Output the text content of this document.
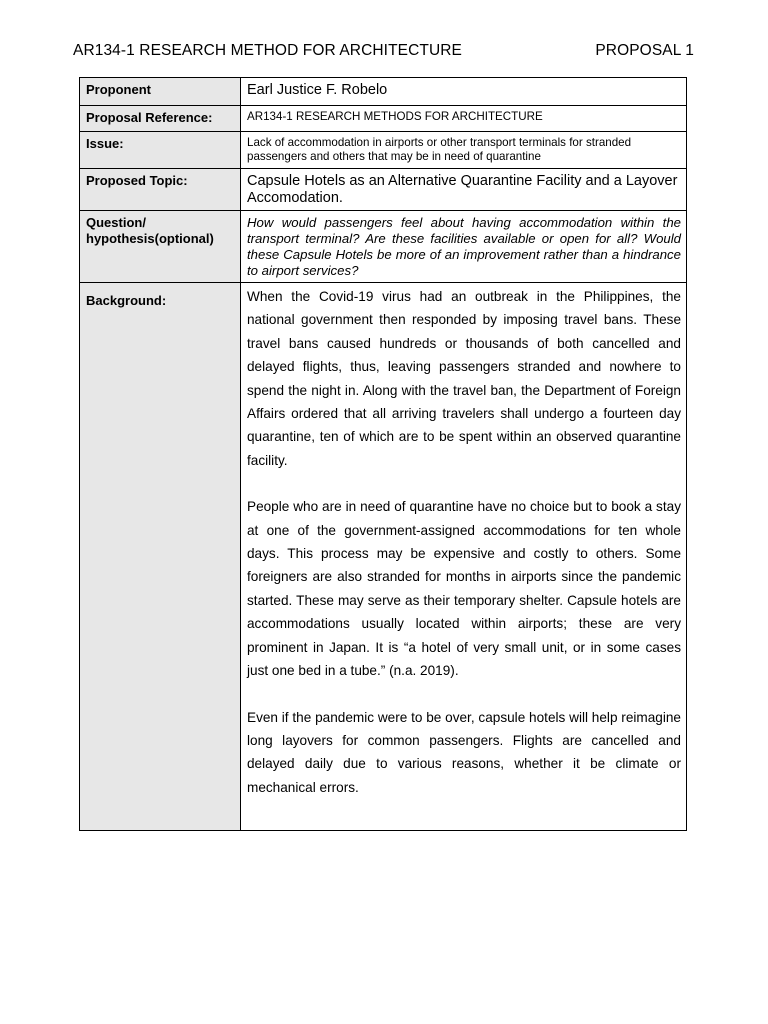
AR134-1 RESEARCH METHOD FOR ARCHITECTURE	PROPOSAL 1
Proponent	Earl Justice F. Robelo
Proposal Reference:	AR134-1 RESEARCH METHODS FOR ARCHITECTURE
Issue:	Lack of accommodation in airports or other transport terminals for stranded passengers and others that may be in need of quarantine
Proposed Topic:	Capsule Hotels as an Alternative Quarantine Facility and a Layover Accomodation.
Question/ hypothesis(optional)	How would passengers feel about having accommodation within the transport terminal? Are these facilities available or open for all? Would these Capsule Hotels be more of an improvement rather than a hindrance to airport services?
Background:	When the Covid-19 virus had an outbreak in the Philippines, the national government then responded by imposing travel bans. These travel bans caused hundreds or thousands of both cancelled and delayed flights, thus, leaving passengers stranded and nowhere to spend the night in. Along with the travel ban, the Department of Foreign Affairs ordered that all arriving travelers shall undergo a fourteen day quarantine, ten of which are to be spent within an observed quarantine facility.

People who are in need of quarantine have no choice but to book a stay at one of the government-assigned accommodations for ten whole days. This process may be expensive and costly to others. Some foreigners are also stranded for months in airports since the pandemic started. These may serve as their temporary shelter. Capsule hotels are accommodations usually located within airports; these are very prominent in Japan. It is “a hotel of very small unit, or in some cases just one bed in a tube.” (n.a. 2019).

Even if the pandemic were to be over, capsule hotels will help reimagine long layovers for common passengers. Flights are cancelled and delayed daily due to various reasons, whether it be climate or mechanical errors.
